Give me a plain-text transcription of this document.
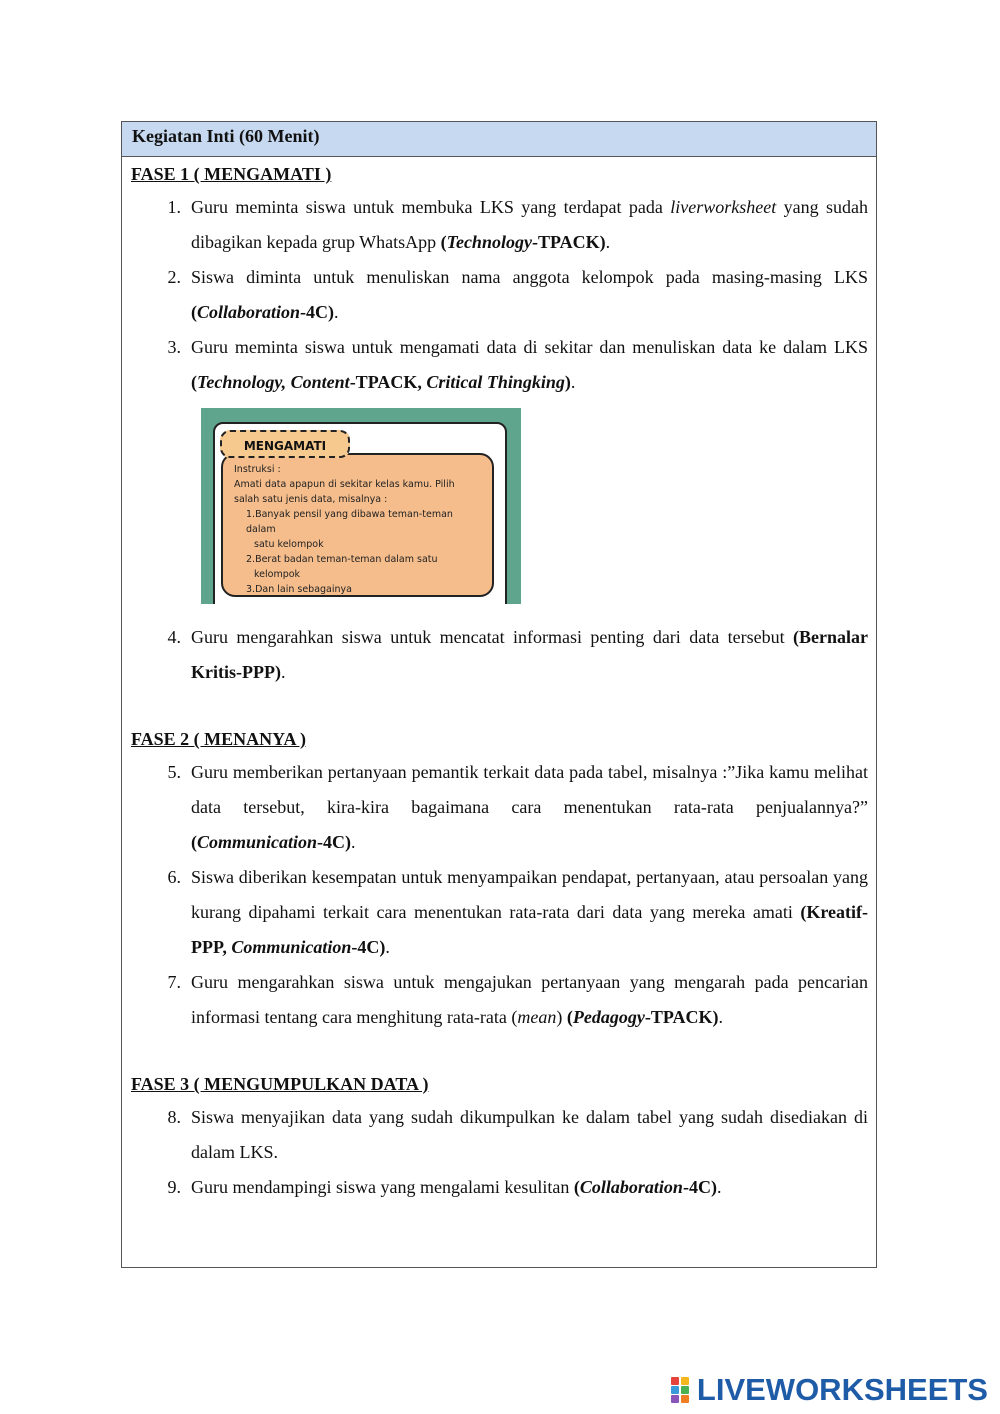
Kegiatan Inti (60 Menit)

FASE 1 ( MENGAMATI )

1. Guru meminta siswa untuk membuka LKS yang terdapat pada liverworksheet yang sudah dibagikan kepada grup WhatsApp (Technology-TPACK).
2. Siswa diminta untuk menuliskan nama anggota kelompok pada masing-masing LKS (Collaboration-4C).
3. Guru meminta siswa untuk mengamati data di sekitar dan menuliskan data ke dalam LKS (Technology, Content-TPACK, Critical Thingking).
MENGAMATI

Instruksi :

Amati data apapun di sekitar kelas kamu. Pilih salah satu jenis data, misalnya :

1.Banyak pensil yang dibawa teman-teman dalam

satu kelompok

2.Berat badan teman-teman dalam satu

kelompok

3.Dan lain sebagainya

4. Guru mengarahkan siswa untuk mencatat informasi penting dari data tersebut (Bernalar Kritis-PPP).

FASE 2 ( MENANYA )

5. Guru memberikan pertanyaan pemantik terkait data pada tabel, misalnya :”Jika kamu melihat data tersebut, kira-kira bagaimana cara menentukan rata-rata penjualannya?” (Communication-4C).
6. Siswa diberikan kesempatan untuk menyampaikan pendapat, pertanyaan, atau persoalan yang kurang dipahami terkait cara menentukan rata-rata dari data yang mereka amati (Kreatif-PPP, Communication-4C).
7. Guru mengarahkan siswa untuk mengajukan pertanyaan yang mengarah pada pencarian informasi tentang cara menghitung rata-rata (mean) (Pedagogy-TPACK).

FASE 3 ( MENGUMPULKAN DATA )

8. Siswa menyajikan data yang sudah dikumpulkan ke dalam tabel yang sudah disediakan di dalam LKS.
9. Guru mendampingi siswa yang mengalami kesulitan (Collaboration-4C).
LIVEWORKSHEETS
